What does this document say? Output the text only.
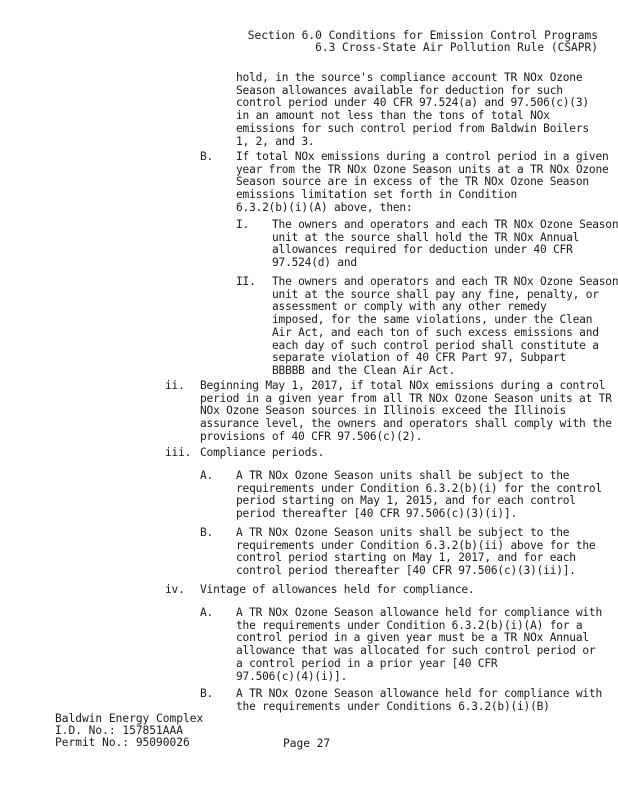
Section 6.0 Conditions for Emission Control Programs
6.3 Cross-State Air Pollution Rule (CSAPR)
hold, in the source's compliance account TR NOx Ozone
Season allowances available for deduction for such
control period under 40 CFR 97.524(a) and 97.506(c)(3)
in an amount not less than the tons of total NOx
emissions for such control period from Baldwin Boilers
1, 2, and 3.
B. If total NOx emissions during a control period in a given
year from the TR NOx Ozone Season units at a TR NOx Ozone
Season source are in excess of the TR NOx Ozone Season
emissions limitation set forth in Condition
6.3.2(b)(i)(A) above, then:
I. The owners and operators and each TR NOx Ozone Season
unit at the source shall hold the TR NOx Annual
allowances required for deduction under 40 CFR
97.524(d) and
II. The owners and operators and each TR NOx Ozone Season
unit at the source shall pay any fine, penalty, or
assessment or comply with any other remedy
imposed, for the same violations, under the Clean
Air Act, and each ton of such excess emissions and
each day of such control period shall constitute a
separate violation of 40 CFR Part 97, Subpart
BBBBB and the Clean Air Act.
ii. Beginning May 1, 2017, if total NOx emissions during a control
period in a given year from all TR NOx Ozone Season units at TR
NOx Ozone Season sources in Illinois exceed the Illinois
assurance level, the owners and operators shall comply with the
provisions of 40 CFR 97.506(c)(2).
iii. Compliance periods.
A. A TR NOx Ozone Season units shall be subject to the
requirements under Condition 6.3.2(b)(i) for the control
period starting on May 1, 2015, and for each control
period thereafter [40 CFR 97.506(c)(3)(i)].
B. A TR NOx Ozone Season units shall be subject to the
requirements under Condition 6.3.2(b)(ii) above for the
control period starting on May 1, 2017, and for each
control period thereafter [40 CFR 97.506(c)(3)(ii)].
iv. Vintage of allowances held for compliance.
A. A TR NOx Ozone Season allowance held for compliance with
the requirements under Condition 6.3.2(b)(i)(A) for a
control period in a given year must be a TR NOx Annual
allowance that was allocated for such control period or
a control period in a prior year [40 CFR
97.506(c)(4)(i)].
B. A TR NOx Ozone Season allowance held for compliance with
the requirements under Conditions 6.3.2(b)(i)(B)
Baldwin Energy Complex
I.D. No.: 157851AAA
Permit No.: 95090026	Page 27
